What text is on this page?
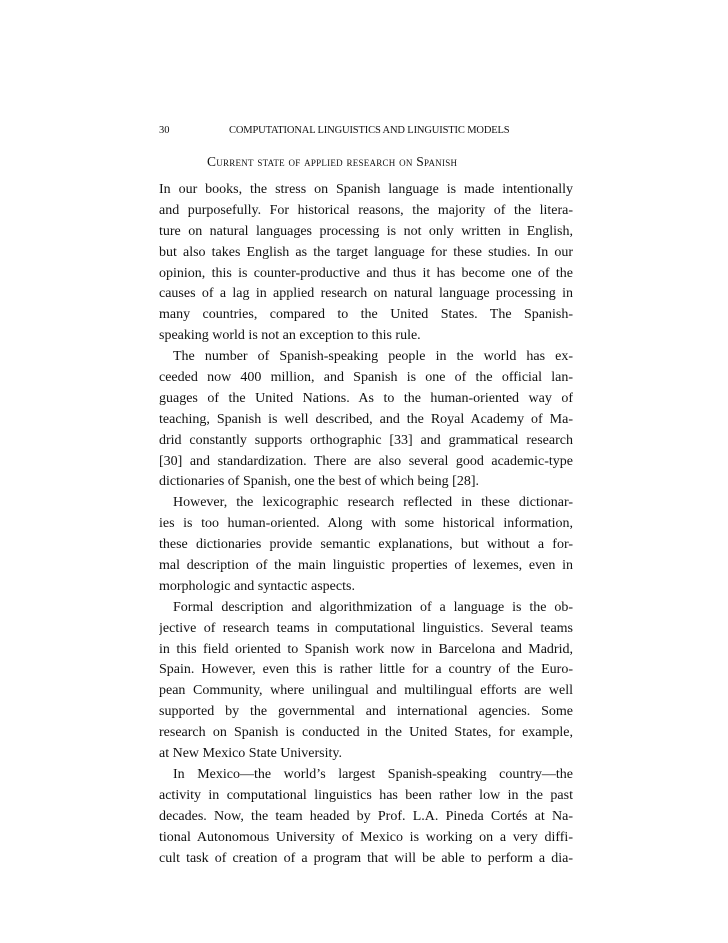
30	COMPUTATIONAL LINGUISTICS AND LINGUISTIC MODELS
Current state of applied research on Spanish
In our books, the stress on Spanish language is made intentionally
and purposefully. For historical reasons, the majority of the litera-
ture on natural languages processing is not only written in English,
but also takes English as the target language for these studies. In our
opinion, this is counter-productive and thus it has become one of the
causes of a lag in applied research on natural language processing in
many countries, compared to the United States. The Spanish-
speaking world is not an exception to this rule.
The number of Spanish-speaking people in the world has ex-
ceeded now 400 million, and Spanish is one of the official lan-
guages of the United Nations. As to the human-oriented way of
teaching, Spanish is well described, and the Royal Academy of Ma-
drid constantly supports orthographic [33] and grammatical research
[30] and standardization. There are also several good academic-type
dictionaries of Spanish, one the best of which being [28].
However, the lexicographic research reflected in these dictionar-
ies is too human-oriented. Along with some historical information,
these dictionaries provide semantic explanations, but without a for-
mal description of the main linguistic properties of lexemes, even in
morphologic and syntactic aspects.
Formal description and algorithmization of a language is the ob-
jective of research teams in computational linguistics. Several teams
in this field oriented to Spanish work now in Barcelona and Madrid,
Spain. However, even this is rather little for a country of the Euro-
pean Community, where unilingual and multilingual efforts are well
supported by the governmental and international agencies. Some
research on Spanish is conducted in the United States, for example,
at New Mexico State University.
In Mexico—the world’s largest Spanish-speaking country—the
activity in computational linguistics has been rather low in the past
decades. Now, the team headed by Prof. L.A. Pineda Cortés at Na-
tional Autonomous University of Mexico is working on a very diffi-
cult task of creation of a program that will be able to perform a dia-
